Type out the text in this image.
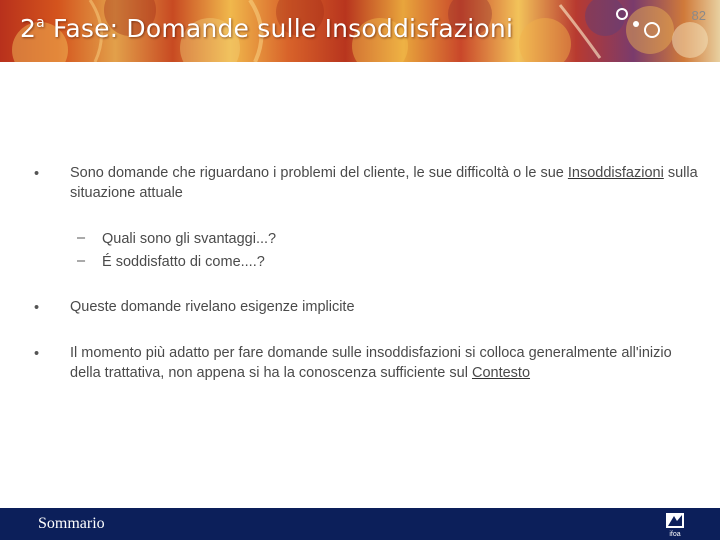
2$^a$ Fase: Domande sulle Insoddisfazioni	82
• Sono domande che riguardano i problemi del cliente, le sue difficoltà o le sue Insoddisfazioni sulla situazione attuale
– Quali sono gli svantaggi...?
– É soddisfatto di come....?
• Queste domande rivelano esigenze implicite
• Il momento più adatto per fare domande sulle insoddisfazioni si colloca generalmente all'inizio della trattativa, non appena si ha la conoscenza sufficiente sul Contesto
Sommario
ifoa
